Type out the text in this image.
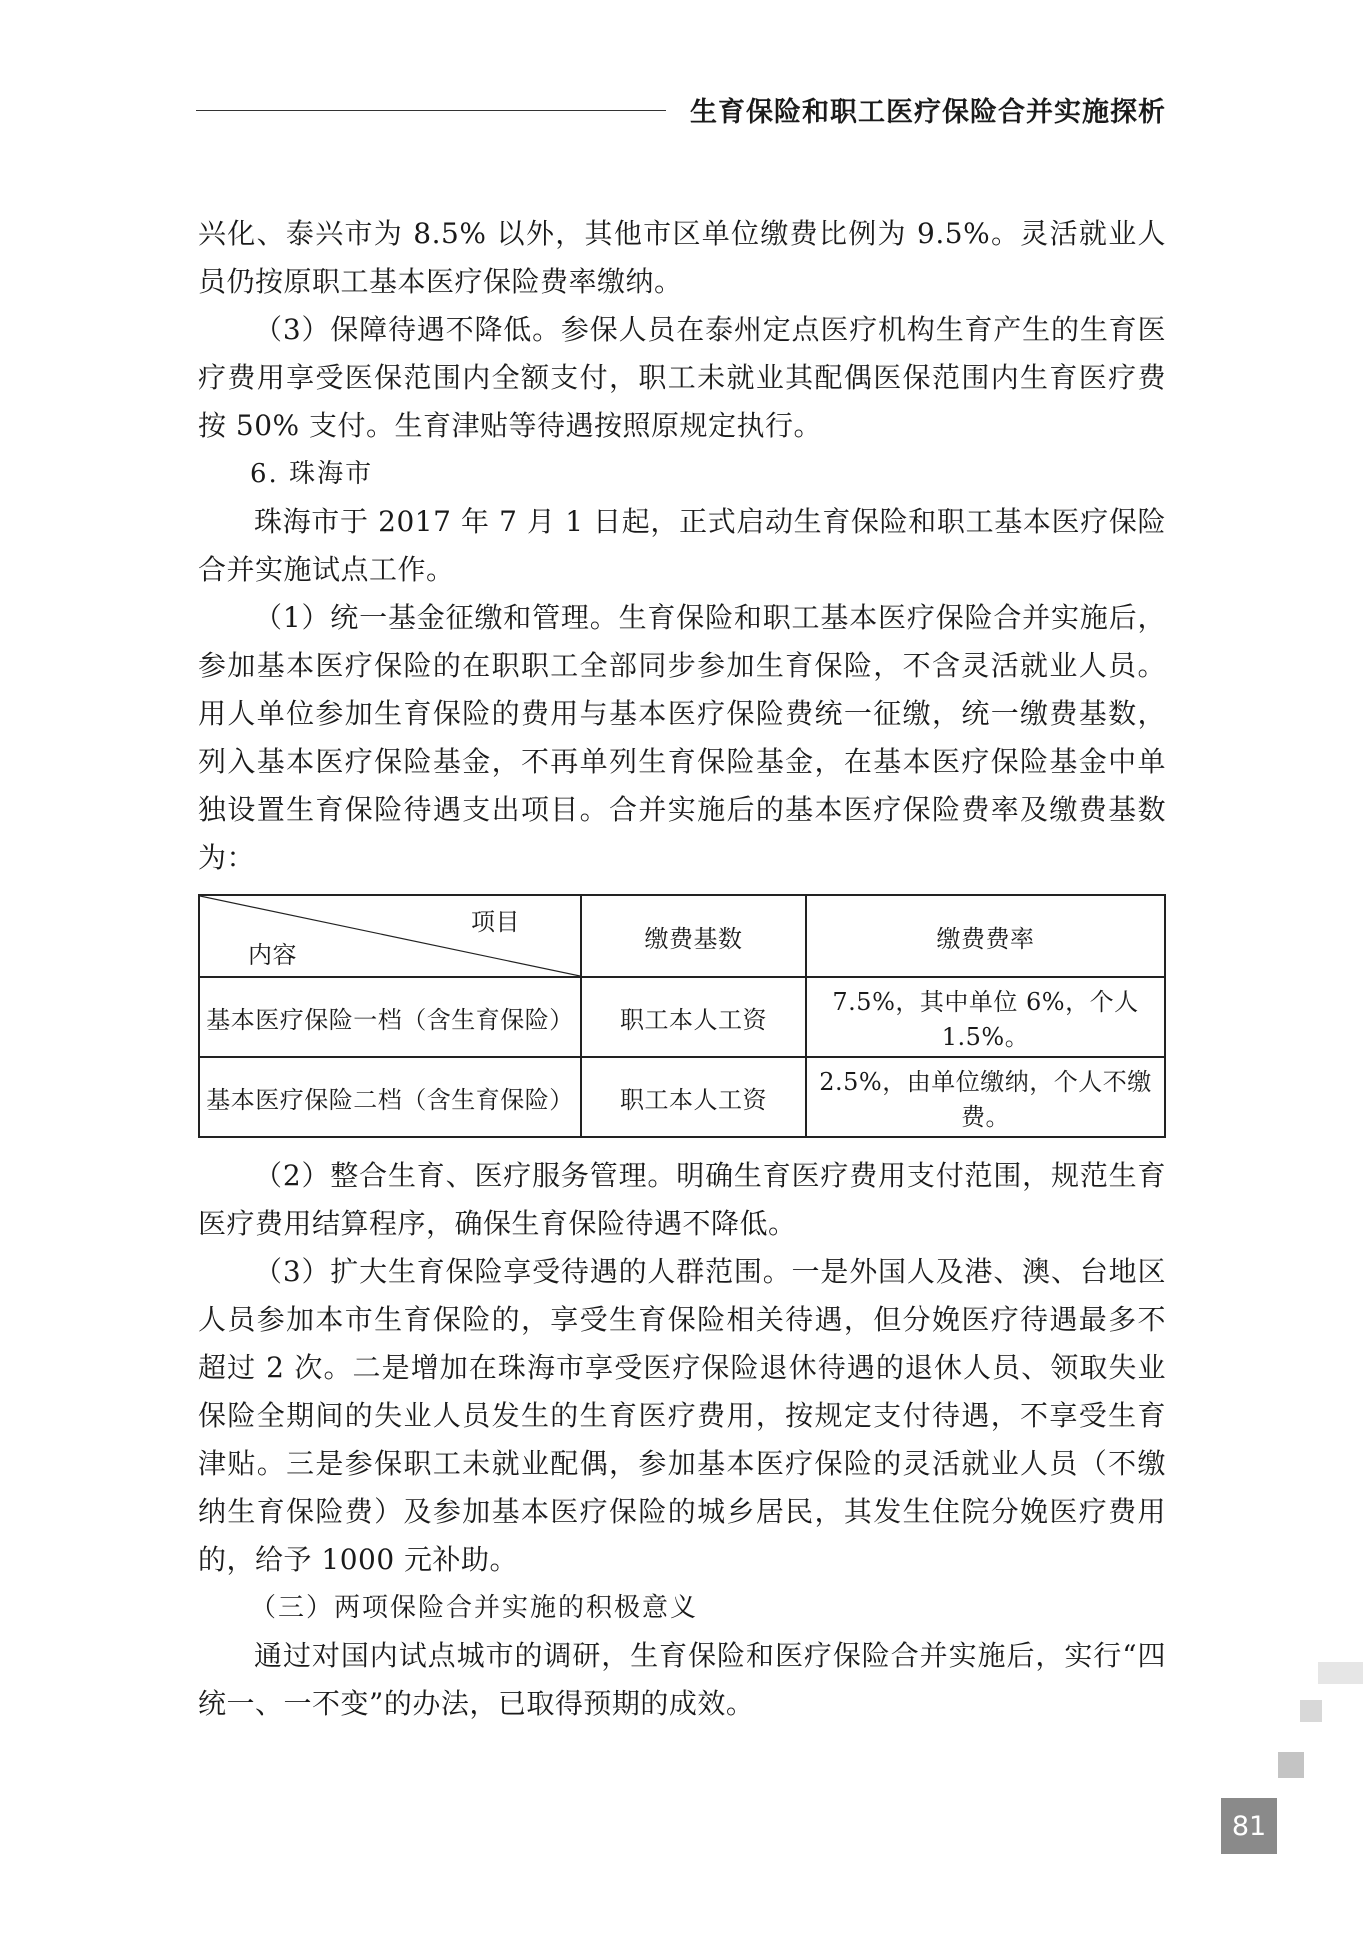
生育保险和职工医疗保险合并实施探析

兴化、泰兴市为 8.5% 以外，其他市区单位缴费比例为 9.5%。灵活就业人员仍按原职工基本医疗保险费率缴纳。

（3）保障待遇不降低。参保人员在泰州定点医疗机构生育产生的生育医疗费用享受医保范围内全额支付，职工未就业其配偶医保范围内生育医疗费按 50% 支付。生育津贴等待遇按照原规定执行。

6. 珠海市

珠海市于 2017 年 7 月 1 日起，正式启动生育保险和职工基本医疗保险合并实施试点工作。

（1）统一基金征缴和管理。生育保险和职工基本医疗保险合并实施后，参加基本医疗保险的在职职工全部同步参加生育保险，不含灵活就业人员。用人单位参加生育保险的费用与基本医疗保险费统一征缴，统一缴费基数，列入基本医疗保险基金，不再单列生育保险基金，在基本医疗保险基金中单独设置生育保险待遇支出项目。合并实施后的基本医疗保险费率及缴费基数为：

项目
内容	缴费基数	缴费费率
基本医疗保险一档（含生育保险）	职工本人工资	7.5%，其中单位 6%，个人 1.5%。
基本医疗保险二档（含生育保险）	职工本人工资	2.5%，由单位缴纳，个人不缴费。

（2）整合生育、医疗服务管理。明确生育医疗费用支付范围，规范生育医疗费用结算程序，确保生育保险待遇不降低。

（3）扩大生育保险享受待遇的人群范围。一是外国人及港、澳、台地区人员参加本市生育保险的，享受生育保险相关待遇，但分娩医疗待遇最多不超过 2 次。二是增加在珠海市享受医疗保险退休待遇的退休人员、领取失业保险全期间的失业人员发生的生育医疗费用，按规定支付待遇，不享受生育津贴。三是参保职工未就业配偶，参加基本医疗保险的灵活就业人员（不缴纳生育保险费）及参加基本医疗保险的城乡居民，其发生住院分娩医疗费用的，给予 1000 元补助。

（三）两项保险合并实施的积极意义

通过对国内试点城市的调研，生育保险和医疗保险合并实施后，实行“四统一、一不变”的办法，已取得预期的成效。

81
